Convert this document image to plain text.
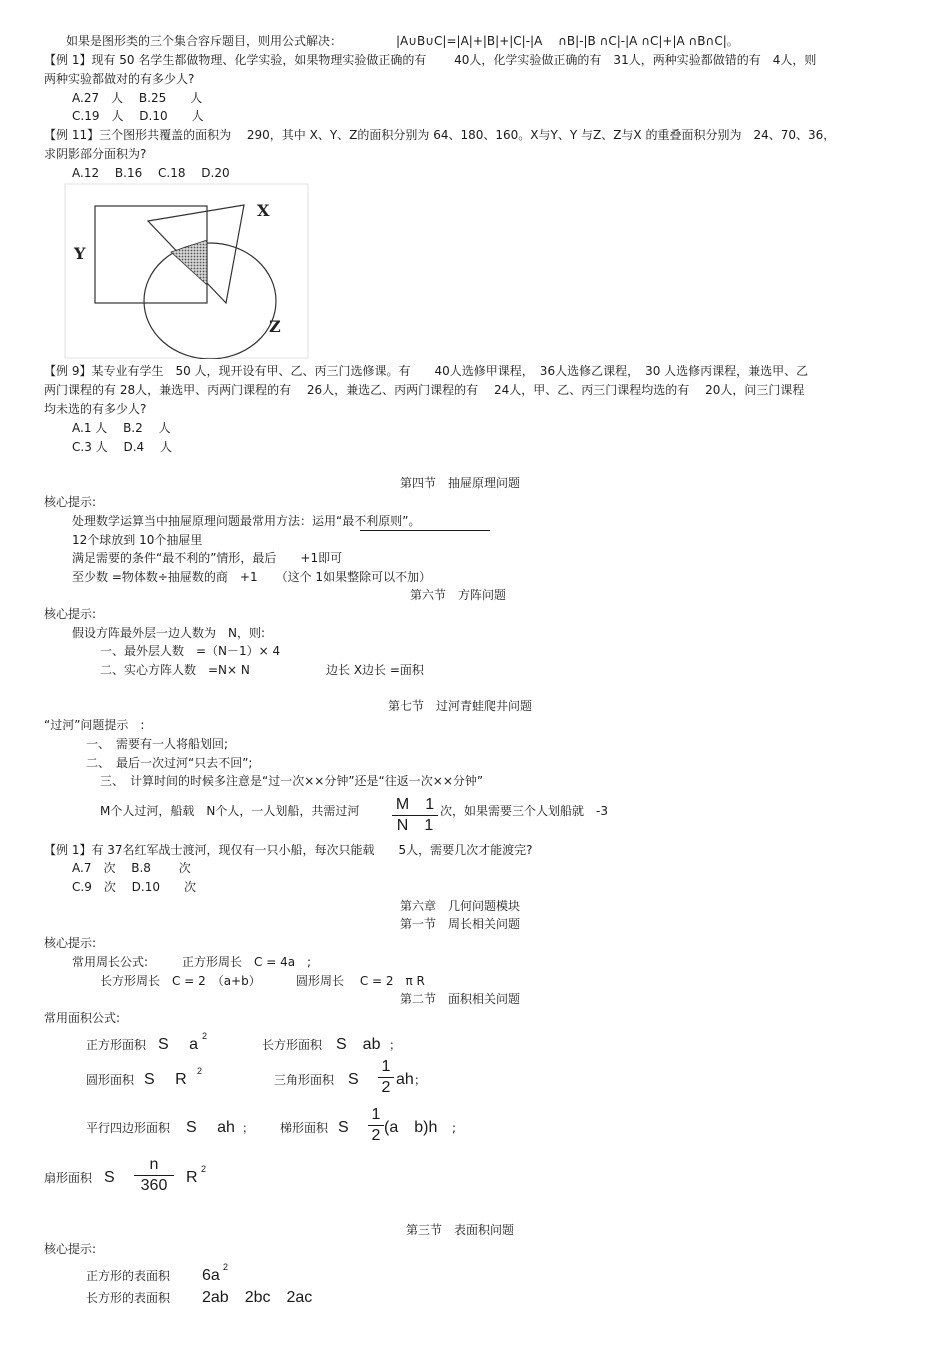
如果是图形类的三个集合容斥题目，则用公式解决：	|A∪B∪C|=|A|+|B|+|C|-|A　 ∩B|-|B ∩C|-|A ∩C|+|A ∩B∩C|。
【例 1】现有 50 名学生都做物理、化学实验，如果物理实验做正确的有　　 40人，化学实验做正确的有　31人，两种实验都做错的有　4人，则
两种实验都做对的有多少人?
A.27　人　 B.25　　人
C.19　人　 D.10　　人
【例 11】三个图形共覆盖的面积为　 290，其中 X、Y、Z的面积分别为 64、180、160。X与Y、Y 与Z、Z与X 的重叠面积分别为　24、70、36，
求阴影部分面积为?
A.12　 B.16　 C.18　 D.20
X
Y
Z
【例 9】某专业有学生　50 人，现开设有甲、乙、丙三门选修课。有　　40人选修甲课程，　36人选修乙课程，　30 人选修丙课程，兼选甲、乙
两门课程的有 28人，兼选甲、丙两门课程的有　 26人，兼选乙、丙两门课程的有　 24人，甲、乙、丙三门课程均选的有　 20人，问三门课程
均未选的有多少人?
A.1 人　 B.2　 人
C.3 人　 D.4　 人
第四节　抽屉原理问题
核心提示:
处理数学运算当中抽屉原理问题最常用方法：运用“最不利原则”。
12个球放到 10个抽屉里
满足需要的条件“最不利的”情形，最后　　+1即可
至少数 =物体数÷抽屉数的商　+1　　（这个 1如果整除可以不加）
第六节　方阵问题
核心提示:
假设方阵最外层一边人数为　N，则:
一、最外层人数　=（N－1）× 4
二、实心方阵人数　=N× N	边长 X边长 =面积
第七节　过河青蛙爬井问题
“过河”问题提示　:
一、　需要有一人将船划回;
二、　最后一次过河“只去不回”;
三、　计算时间的时候多注意是“过一次××分钟”还是“往返一次××分钟”
M个人过河，船载　N个人，一人划船，共需过河 M　1
N　1
次，如果需要三个人划船就　-3
【例 1】有 37名红军战士渡河，现仅有一只小船，每次只能载　　5人，需要几次才能渡完?
A.7　次　 B.8　　 次
C.9　次　 D.10　　次
第六章　几何问题模块
第一节　周长相关问题
核心提示:
常用周长公式:	正方形周长　C = 4a　;
长方形周长　C = 2　（a+b）	圆形周长　 C = 2　π R
第二节　面积相关问题
常用面积公式:
正方形面积 S　 a 2
长方形面积 S　ab ；
圆形面积 S　 R 2
三角形面积 S
1
2 ah ；
平行四边形面积 S　 ah ； 梯形面积 S
1
2 (a　b)h ;
扇形面积 S
n
360	R 2
第三节　表面积问题
核心提示:
正方形的表面积 6a 2
长方形的表面积 2ab　2bc　2ac
